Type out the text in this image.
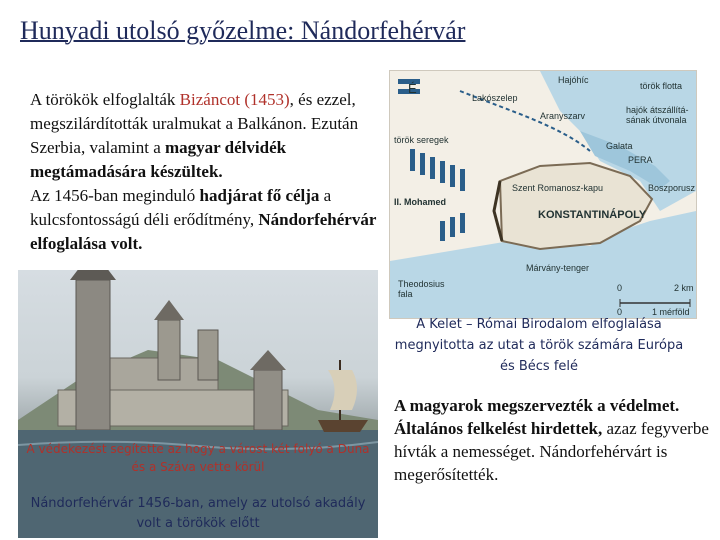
Hunyadi utolsó győzelme: Nándorfehérvár
A törökök elfoglalták Bizáncot (1453), és ezzel, megszilárdították uralmukat a Balkánon. Ezután Szerbia, valamint a magyar délvidék megtámadására készültek.
Az 1456-ban meginduló hadjárat fő célja a kulcsfontosságú déli erődítmény, Nándorfehérvár elfoglalása volt.
É
Hajóhíc
török flotta
Lakószelep
hajók átszállítá- sának útvonala
török seregek
Aranyszarv
Galata
PERA
Szent Romanosz-kapu	Boszporusz
II. Mohamed
KONSTANTINÁPOLY
Márvány-tenger
Theodosius fala
0	2 km
0	1 mérföld
A Kelet – Római Birodalom elfoglalása megnyitotta az utat a török számára Európa és Bécs felé
A védekezést segítette az hogy a várost két folyó a Duna és a Száva vette körül
Nándorfehérvár 1456-ban, amely az utolsó akadály volt a törökök előtt
A magyarok megszervezték a védelmet. Általános felkelést hirdettek, azaz fegyverbe hívták a nemességet. Nándorfehérvárt is megerősítették.
